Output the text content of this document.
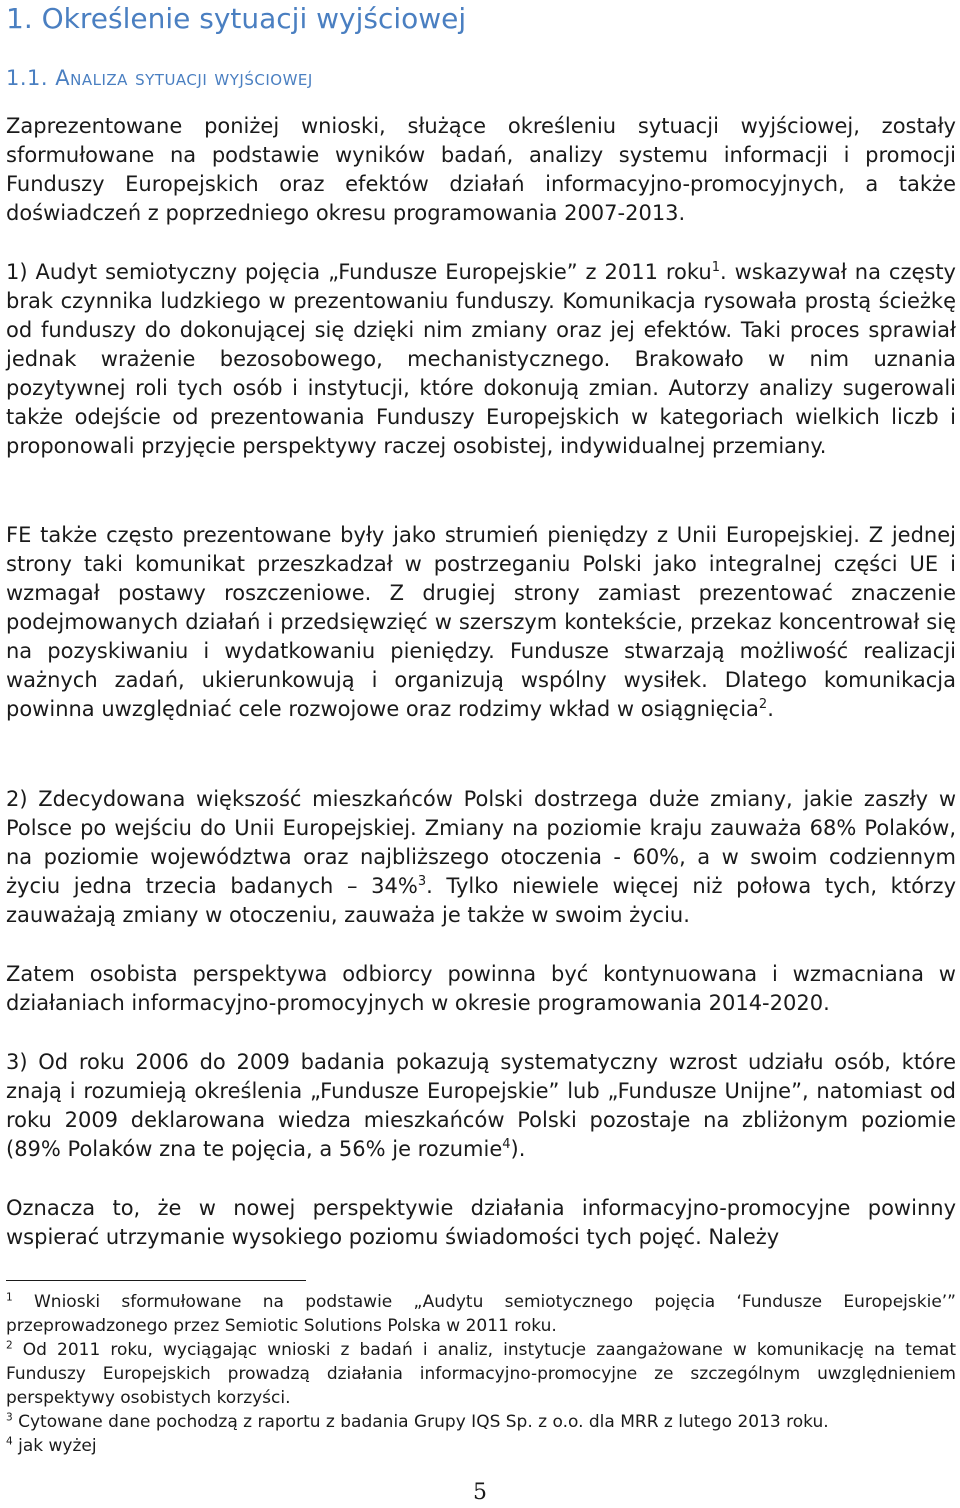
1. Określenie sytuacji wyjściowej
1.1. Analiza sytuacji wyjściowej

Zaprezentowane poniżej wnioski, służące określeniu sytuacji wyjściowej, zostały sformułowane na podstawie wyników badań, analizy systemu informacji i promocji Funduszy Europejskich oraz efektów działań informacyjno-promocyjnych, a także doświadczeń z poprzedniego okresu programowania 2007-2013.

1) Audyt semiotyczny pojęcia „Fundusze Europejskie” z 2011 roku$^1$. wskazywał na częsty brak czynnika ludzkiego w prezentowaniu funduszy. Komunikacja rysowała prostą ścieżkę od funduszy do dokonującej się dzięki nim zmiany oraz jej efektów. Taki proces sprawiał jednak wrażenie bezosobowego, mechanistycznego. Brakowało w nim uznania pozytywnej roli tych osób i instytucji, które dokonują zmian. Autorzy analizy sugerowali także odejście od prezentowania Funduszy Europejskich w kategoriach wielkich liczb i proponowali przyjęcie perspektywy raczej osobistej, indywidualnej przemiany.

FE także często prezentowane były jako strumień pieniędzy z Unii Europejskiej. Z jednej strony taki komunikat przeszkadzał w postrzeganiu Polski jako integralnej części UE i wzmagał postawy roszczeniowe. Z drugiej strony zamiast prezentować znaczenie podejmowanych działań i przedsięwzięć w szerszym kontekście, przekaz koncentrował się na pozyskiwaniu i wydatkowaniu pieniędzy. Fundusze stwarzają możliwość realizacji ważnych zadań, ukierunkowują i organizują wspólny wysiłek. Dlatego komunikacja powinna uwzględniać cele rozwojowe oraz rodzimy wkład w osiągnięcia$^2$.

2) Zdecydowana większość mieszkańców Polski dostrzega duże zmiany, jakie zaszły w Polsce po wejściu do Unii Europejskiej. Zmiany na poziomie kraju zauważa 68% Polaków, na poziomie województwa oraz najbliższego otoczenia - 60%, a w swoim codziennym życiu jedna trzecia badanych – 34%$^3$. Tylko niewiele więcej niż połowa tych, którzy zauważają zmiany w otoczeniu, zauważa je także w swoim życiu.

Zatem osobista perspektywa odbiorcy powinna być kontynuowana i wzmacniana w działaniach informacyjno-promocyjnych w okresie programowania 2014-2020.

3) Od roku 2006 do 2009 badania pokazują systematyczny wzrost udziału osób, które znają i rozumieją określenia „Fundusze Europejskie” lub „Fundusze Unijne”, natomiast od roku 2009 deklarowana wiedza mieszkańców Polski pozostaje na zbliżonym poziomie (89% Polaków zna te pojęcia, a 56% je rozumie$^4$).

Oznacza to, że w nowej perspektywie działania informacyjno-promocyjne powinny wspierać utrzymanie wysokiego poziomu świadomości tych pojęć. Należy

$^1$ Wnioski sformułowane na podstawie „Audytu semiotycznego pojęcia ‘Fundusze Europejskie’” przeprowadzonego przez Semiotic Solutions Polska w 2011 roku.

$^2$ Od 2011 roku, wyciągając wnioski z badań i analiz, instytucje zaangażowane w komunikację na temat Funduszy Europejskich prowadzą działania informacyjno-promocyjne ze szczególnym uwzględnieniem perspektywy osobistych korzyści.

$^3$ Cytowane dane pochodzą z raportu z badania Grupy IQS Sp. z o.o. dla MRR z lutego 2013 roku.

$^4$ jak wyżej

5
